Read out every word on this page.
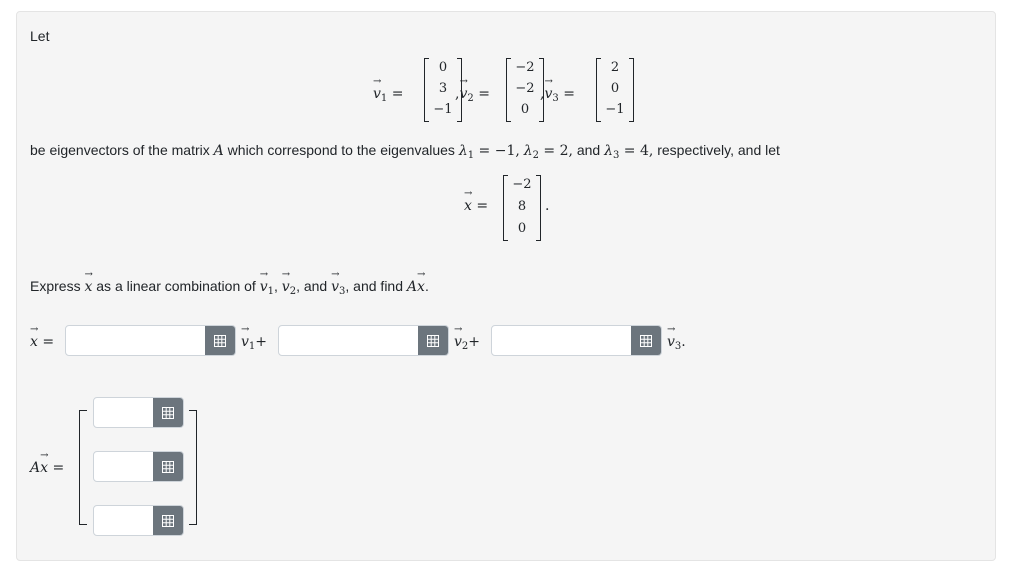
Let
→ $v_1$ =
0
3
−1
,→ $v_2$ =
−2
−2
0
,→ $v_3$ =
2
0
−1
be eigenvectors of the matrix A which correspond to the eigenvalues $\lambda_1 = -1$, $\lambda_2 = 2$, and $\lambda_3 = 4$, respectively, and let
→ x =
−2
8
0
.
Express → x as a linear combination of → $v_1$, → $v_2$, and → $v_3$, and find A→ x.
→ x =	→ $v_1+$	→ $v_2+$	→ $v_3$.
A→ x =
